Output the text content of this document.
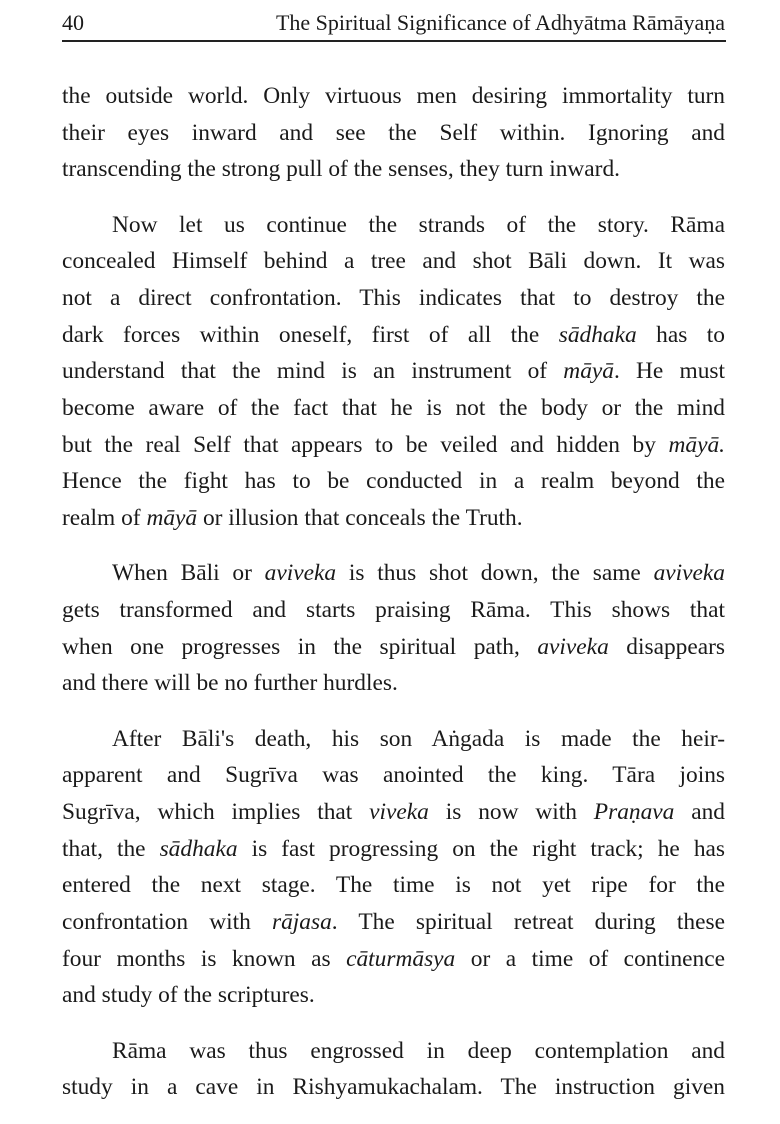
40	The Spiritual Significance of Adhyātma Rāmāyaṇa
the outside world. Only virtuous men desiring immortality turn
their eyes inward and see the Self within. Ignoring and
transcending the strong pull of the senses, they turn inward.
Now let us continue the strands of the story. Rāma
concealed Himself behind a tree and shot Bāli down. It was
not a direct confrontation. This indicates that to destroy the
dark forces within oneself, first of all the sādhaka has to
understand that the mind is an instrument of māyā. He must
become aware of the fact that he is not the body or the mind
but the real Self that appears to be veiled and hidden by māyā.
Hence the fight has to be conducted in a realm beyond the
realm of māyā or illusion that conceals the Truth.
When Bāli or aviveka is thus shot down, the same aviveka
gets transformed and starts praising Rāma. This shows that
when one progresses in the spiritual path, aviveka disappears
and there will be no further hurdles.
After Bāli's death, his son Aṅgada is made the heir-
apparent and Sugrīva was anointed the king. Tāra joins
Sugrīva, which implies that viveka is now with Praṇava and
that, the sādhaka is fast progressing on the right track; he has
entered the next stage. The time is not yet ripe for the
confrontation with rājasa. The spiritual retreat during these
four months is known as cāturmāsya or a time of continence
and study of the scriptures.
Rāma was thus engrossed in deep contemplation and
study in a cave in Rishyamukachalam. The instruction given
